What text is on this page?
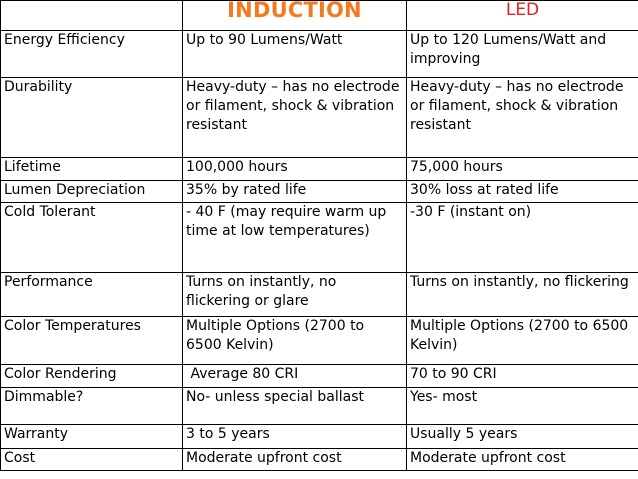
	INDUCTION	LED
Energy Efficiency	Up to 90 Lumens/Watt	Up to 120 Lumens/Watt and improving
Durability	Heavy-duty – has no electrode or filament, shock & vibration resistant	Heavy-duty – has no electrode or filament, shock & vibration resistant
Lifetime	100,000 hours	75,000 hours
Lumen Depreciation	35% by rated life	30% loss at rated life
Cold Tolerant	- 40 F (may require warm up time at low temperatures)	-30 F (instant on)
Performance	Turns on instantly, no flickering or glare	Turns on instantly, no flickering
Color Temperatures	Multiple Options (2700 to 6500 Kelvin)	Multiple Options (2700 to 6500 Kelvin)
Color Rendering	Average 80 CRI	70 to 90 CRI
Dimmable?	No- unless special ballast	Yes- most
Warranty	3 to 5 years	Usually 5 years
Cost	Moderate upfront cost	Moderate upfront cost
